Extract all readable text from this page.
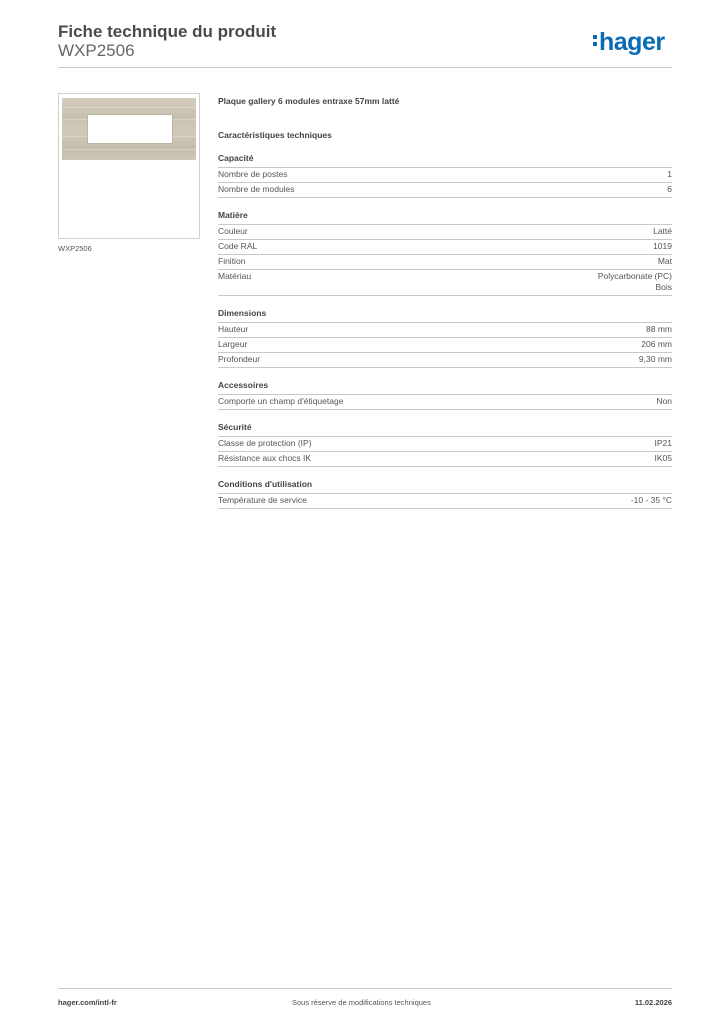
Fiche technique du produit
WXP2506	hager
WXP2506
Plaque gallery 6 modules entraxe 57mm latté
Caractéristiques techniques
Capacité
Nombre de postes	1
Nombre de modules	6
Matière
Couleur	Latté
Code RAL	1019
Finition	Mat
Matériau	Polycarbonate (PC)
Bois
Dimensions
Hauteur	88 mm
Largeur	206 mm
Profondeur	9,30 mm
Accessoires
Comporte un champ d'étiquetage	Non
Sécurité
Classe de protection (IP)	IP21
Résistance aux chocs IK	IK05
Conditions d'utilisation
Température de service	-10 - 35 °C
hager.com/intl-fr	Sous réserve de modifications techniques	11.02.2026
